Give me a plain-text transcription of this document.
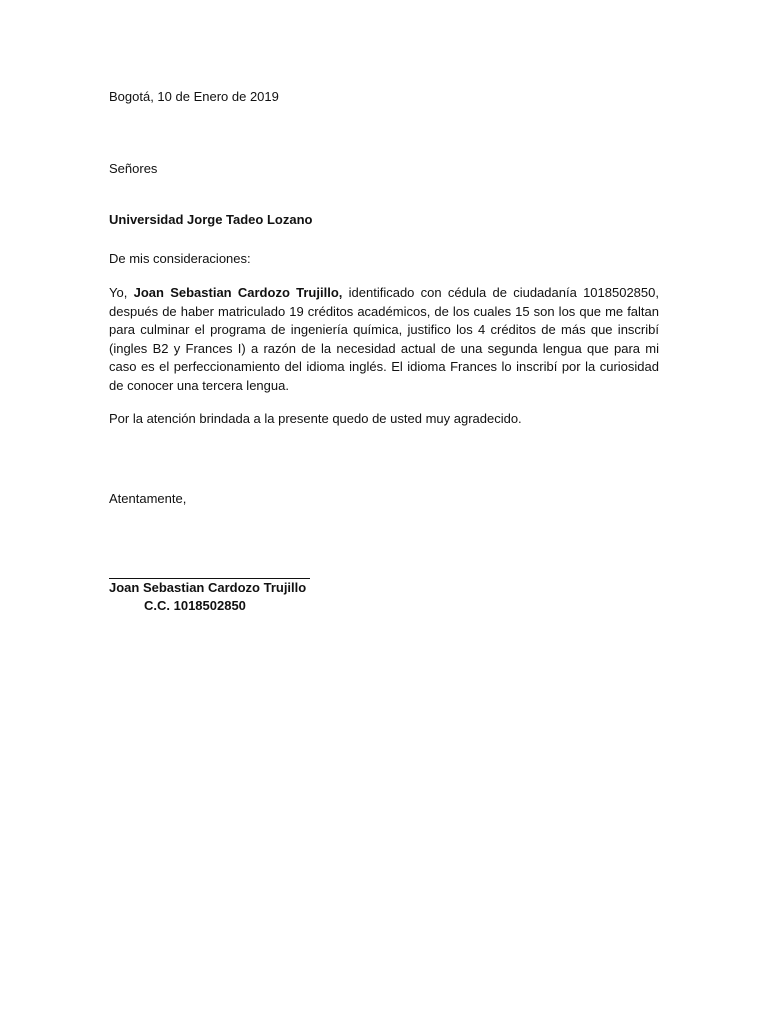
Bogotá, 10 de Enero de 2019
Señores
Universidad Jorge Tadeo Lozano
De mis consideraciones:
Yo, Joan Sebastian Cardozo Trujillo, identificado con cédula de ciudadanía 1018502850, después de haber matriculado 19 créditos académicos, de los cuales 15 son los que me faltan para culminar el programa de ingeniería química, justifico los 4 créditos de más que inscribí (ingles B2 y Frances I) a razón de la necesidad actual de una segunda lengua que para mi caso es el perfeccionamiento del idioma inglés. El idioma Frances lo inscribí por la curiosidad de conocer una tercera lengua.
Por la atención brindada a la presente quedo de usted muy agradecido.
Atentamente,
Joan Sebastian Cardozo Trujillo
C.C. 1018502850
